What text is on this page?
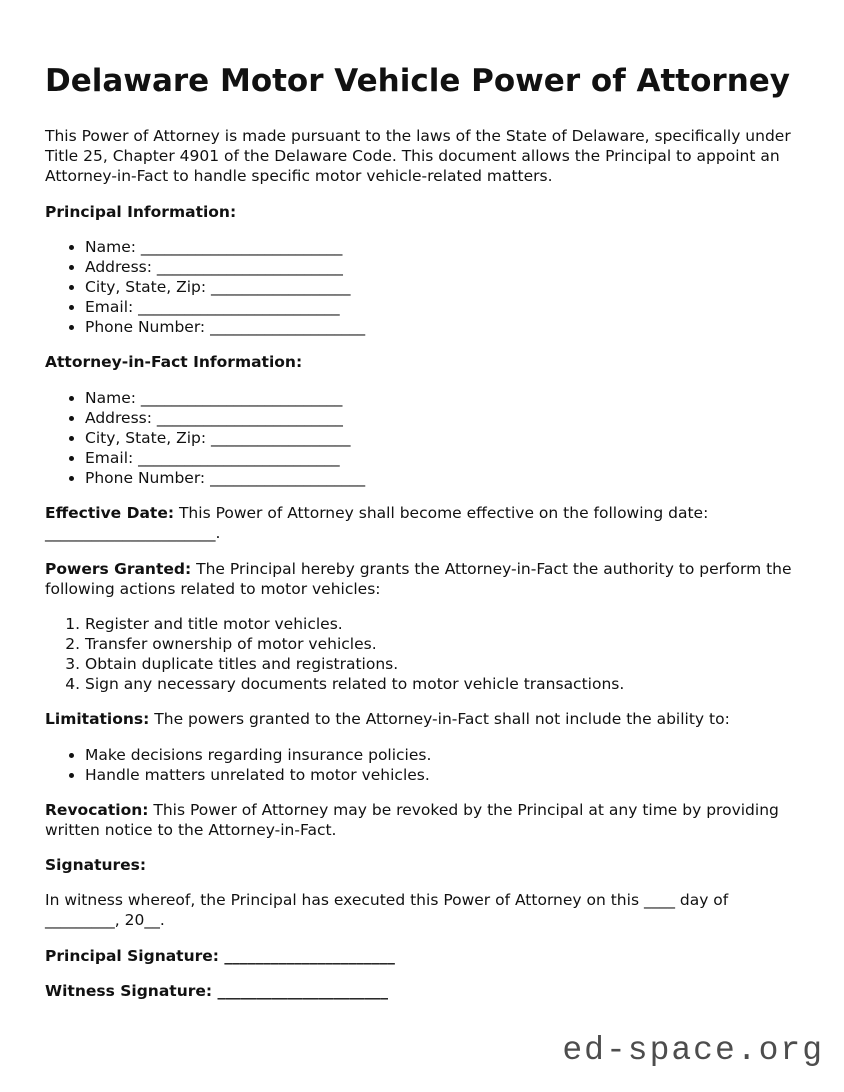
Delaware Motor Vehicle Power of Attorney

This Power of Attorney is made pursuant to the laws of the State of Delaware, specifically under Title 25, Chapter 4901 of the Delaware Code. This document allows the Principal to appoint an Attorney-in-Fact to handle specific motor vehicle-related matters.

Principal Information:

• Name: __________________________
• Address: ________________________
• City, State, Zip: __________________
• Email: __________________________
• Phone Number: ____________________

Attorney-in-Fact Information:

• Name: __________________________
• Address: ________________________
• City, State, Zip: __________________
• Email: __________________________
• Phone Number: ____________________

Effective Date: This Power of Attorney shall become effective on the following date: ______________________.

Powers Granted: The Principal hereby grants the Attorney-in-Fact the authority to perform the following actions related to motor vehicles:

1. Register and title motor vehicles.
2. Transfer ownership of motor vehicles.
3. Obtain duplicate titles and registrations.
4. Sign any necessary documents related to motor vehicle transactions.

Limitations: The powers granted to the Attorney-in-Fact shall not include the ability to:

• Make decisions regarding insurance policies.
• Handle matters unrelated to motor vehicles.

Revocation: This Power of Attorney may be revoked by the Principal at any time by providing written notice to the Attorney-in-Fact.

Signatures:

In witness whereof, the Principal has executed this Power of Attorney on this ____ day of _________, 20__.

Principal Signature: ______________________

Witness Signature: ______________________

ed-space.org
